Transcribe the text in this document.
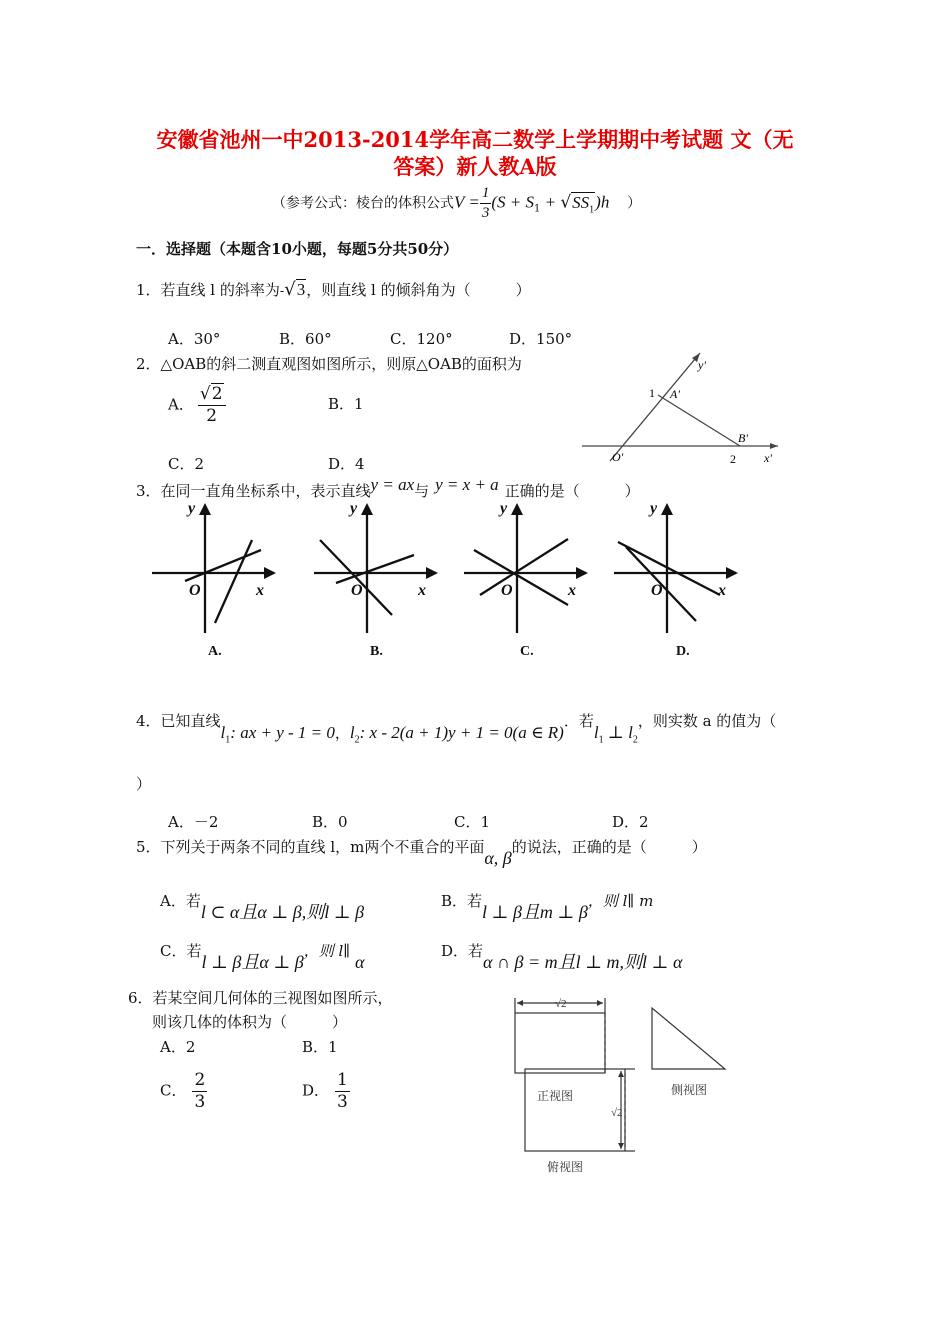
安徽省池州一中2013-2014学年高二数学上学期期中考试题 文（无
答案）新人教A版
（参考公式：棱台的体积公式$V = \frac{1}{3} (S + S_1 + √SS_1)h$ ）
一．选择题（本题含10小题，每题5分共50分）
1．若直线 l 的斜率为-√3，则直线 l 的倾斜角为（　　　）
A．30°	B．60°	C．120°	D．150°
2．△OAB的斜二测直观图如图所示，则原△OAB的面积为
A． $\frac{√2}{2}$	B．1
C．2	D．4
y'
x'
A'
B'
O'
1
2
3．在同一直角坐标系中，表示直线y = ax与 y = x + a 正确的是（　　　）
y
x
O
y
x
O
y
x
O
y
x
O
A.	B.	C.	D.
4．已知直线$l_1$: ax + y - 1 = 0，$l_2$: x - 2(a + 1)y + 1 = 0(a ∈ R)．若$l_1$ ⊥ $l_2$，则实数 a 的值为（
）
A．－2	B．0	C．1	D．2
5．下列关于两条不同的直线 l，m两个不重合的平面α, β的说法，正确的是（　　　）
A．若l ⊂ α且α ⊥ β,则l ⊥ β
B．若l ⊥ β且m ⊥ β，则 l∥ m
C．若l ⊥ β且α ⊥ β，则 l∥ α
D．若α ∩ β = m且l ⊥ m,则l ⊥ α
6．若某空间几何体的三视图如图所示，
则该几体的体积为（　　　）
A．2	B．1
C． $\frac{2}{3}$	D． $\frac{1}{3}$
√2
√2
正视图	侧视图
俯视图
